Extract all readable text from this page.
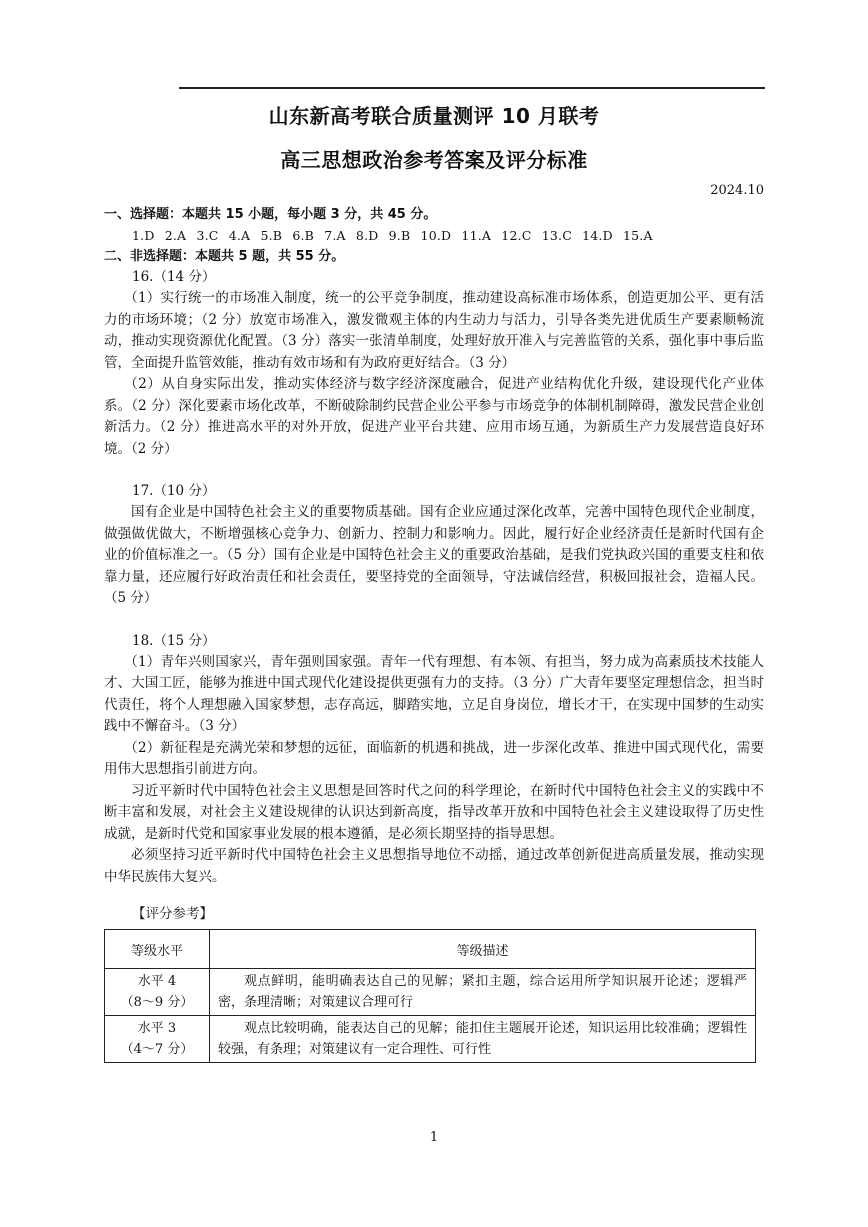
山东新高考联合质量测评 10 月联考
高三思想政治参考答案及评分标准
2024.10
一、选择题：本题共 15 小题，每小题 3 分，共 45 分。
1.D 2.A 3.C 4.A 5.B 6.B 7.A 8.D 9.B 10.D 11.A 12.C 13.C 14.D 15.A
二、非选择题：本题共 5 题，共 55 分。
16.（14 分）
（1）实行统一的市场准入制度，统一的公平竞争制度，推动建设高标准市场体系，创造更加公平、更有活力的市场环境；（2 分）放宽市场准入，激发微观主体的内生动力与活力，引导各类先进优质生产要素顺畅流动，推动实现资源优化配置。（3 分）落实一张清单制度，处理好放开准入与完善监管的关系，强化事中事后监管，全面提升监管效能，推动有效市场和有为政府更好结合。（3 分）
（2）从自身实际出发，推动实体经济与数字经济深度融合，促进产业结构优化升级，建设现代化产业体系。（2 分）深化要素市场化改革，不断破除制约民营企业公平参与市场竞争的体制机制障碍，激发民营企业创新活力。（2 分）推进高水平的对外开放，促进产业平台共建、应用市场互通，为新质生产力发展营造良好环境。（2 分）
17.（10 分）
国有企业是中国特色社会主义的重要物质基础。国有企业应通过深化改革，完善中国特色现代企业制度，做强做优做大，不断增强核心竞争力、创新力、控制力和影响力。因此，履行好企业经济责任是新时代国有企业的价值标准之一。（5 分）国有企业是中国特色社会主义的重要政治基础，是我们党执政兴国的重要支柱和依靠力量，还应履行好政治责任和社会责任，要坚持党的全面领导，守法诚信经营，积极回报社会，造福人民。（5 分）
18.（15 分）
（1）青年兴则国家兴，青年强则国家强。青年一代有理想、有本领、有担当，努力成为高素质技术技能人才、大国工匠，能够为推进中国式现代化建设提供更强有力的支持。（3 分）广大青年要坚定理想信念，担当时代责任，将个人理想融入国家梦想，志存高远，脚踏实地，立足自身岗位，增长才干，在实现中国梦的生动实践中不懈奋斗。（3 分）
（2）新征程是充满光荣和梦想的远征，面临新的机遇和挑战，进一步深化改革、推进中国式现代化，需要用伟大思想指引前进方向。
习近平新时代中国特色社会主义思想是回答时代之问的科学理论，在新时代中国特色社会主义的实践中不断丰富和发展，对社会主义建设规律的认识达到新高度，指导改革开放和中国特色社会主义建设取得了历史性成就，是新时代党和国家事业发展的根本遵循，是必须长期坚持的指导思想。
必须坚持习近平新时代中国特色社会主义思想指导地位不动摇，通过改革创新促进高质量发展，推动实现中华民族伟大复兴。
【评分参考】
等级水平	等级描述

水平 4
（8～9 分）	观点鲜明，能明确表达自己的见解；紧扣主题，综合运用所学知识展开论述；逻辑严密，条理清晰；对策建议合理可行

水平 3
（4～7 分）	观点比较明确，能表达自己的见解；能扣住主题展开论述，知识运用比较准确；逻辑性较强，有条理；对策建议有一定合理性、可行性
1
